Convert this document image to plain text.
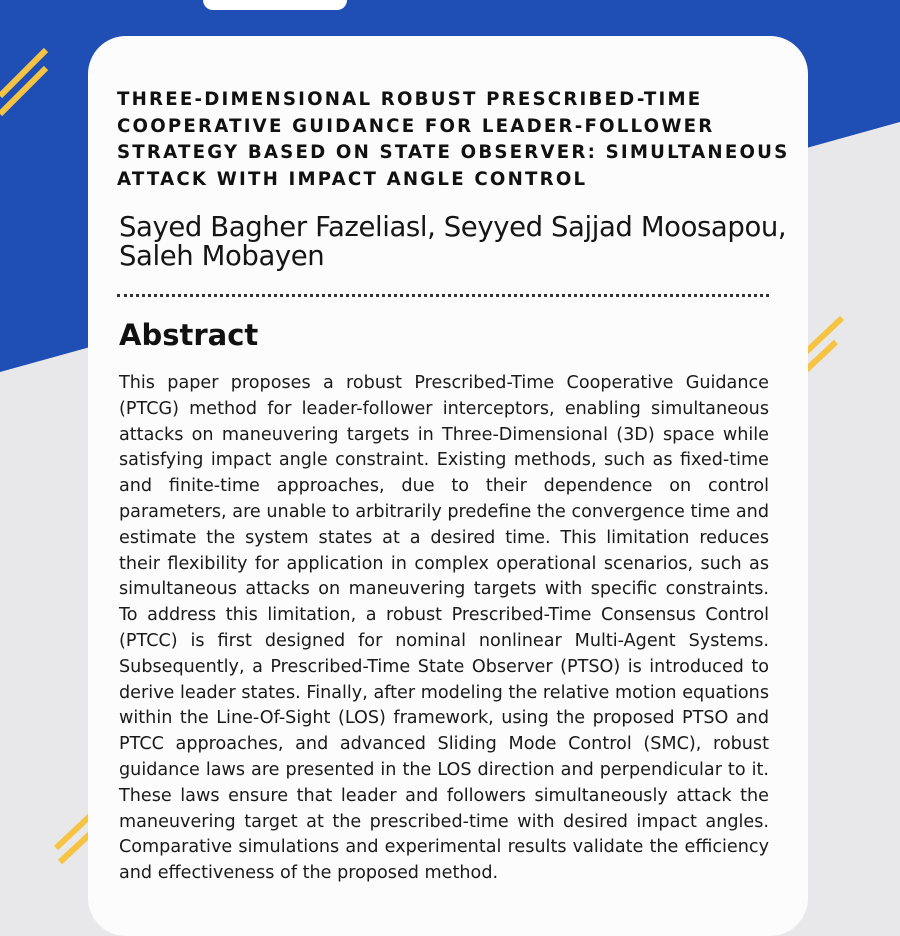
THREE-DIMENSIONAL ROBUST PRESCRIBED-TIME COOPERATIVE GUIDANCE FOR LEADER-FOLLOWER STRATEGY BASED ON STATE OBSERVER: SIMULTANEOUS ATTACK WITH IMPACT ANGLE CONTROL

Sayed Bagher Fazeliasl, Seyyed Sajjad Moosapou, Saleh Mobayen

Abstract

This paper proposes a robust Prescribed-Time Cooperative Guidance (PTCG) method for leader-follower interceptors, enabling simultaneous attacks on maneuvering targets in Three-Dimensional (3D) space while satisfying impact angle constraint. Existing methods, such as fixed-time and finite-time approaches, due to their dependence on control parameters, are unable to arbitrarily predefine the convergence time and estimate the system states at a desired time. This limitation reduces their flexibility for application in complex operational scenarios, such as simultaneous attacks on maneuvering targets with specific constraints. To address this limitation, a robust Prescribed-Time Consensus Control (PTCC) is first designed for nominal nonlinear Multi-Agent Systems. Subsequently, a Prescribed-Time State Observer (PTSO) is introduced to derive leader states. Finally, after modeling the relative motion equations within the Line-Of-Sight (LOS) framework, using the proposed PTSO and PTCC approaches, and advanced Sliding Mode Control (SMC), robust guidance laws are presented in the LOS direction and perpendicular to it. These laws ensure that leader and followers simultaneously attack the maneuvering target at the prescribed-time with desired impact angles. Comparative simulations and experimental results validate the efficiency and effectiveness of the proposed method.
